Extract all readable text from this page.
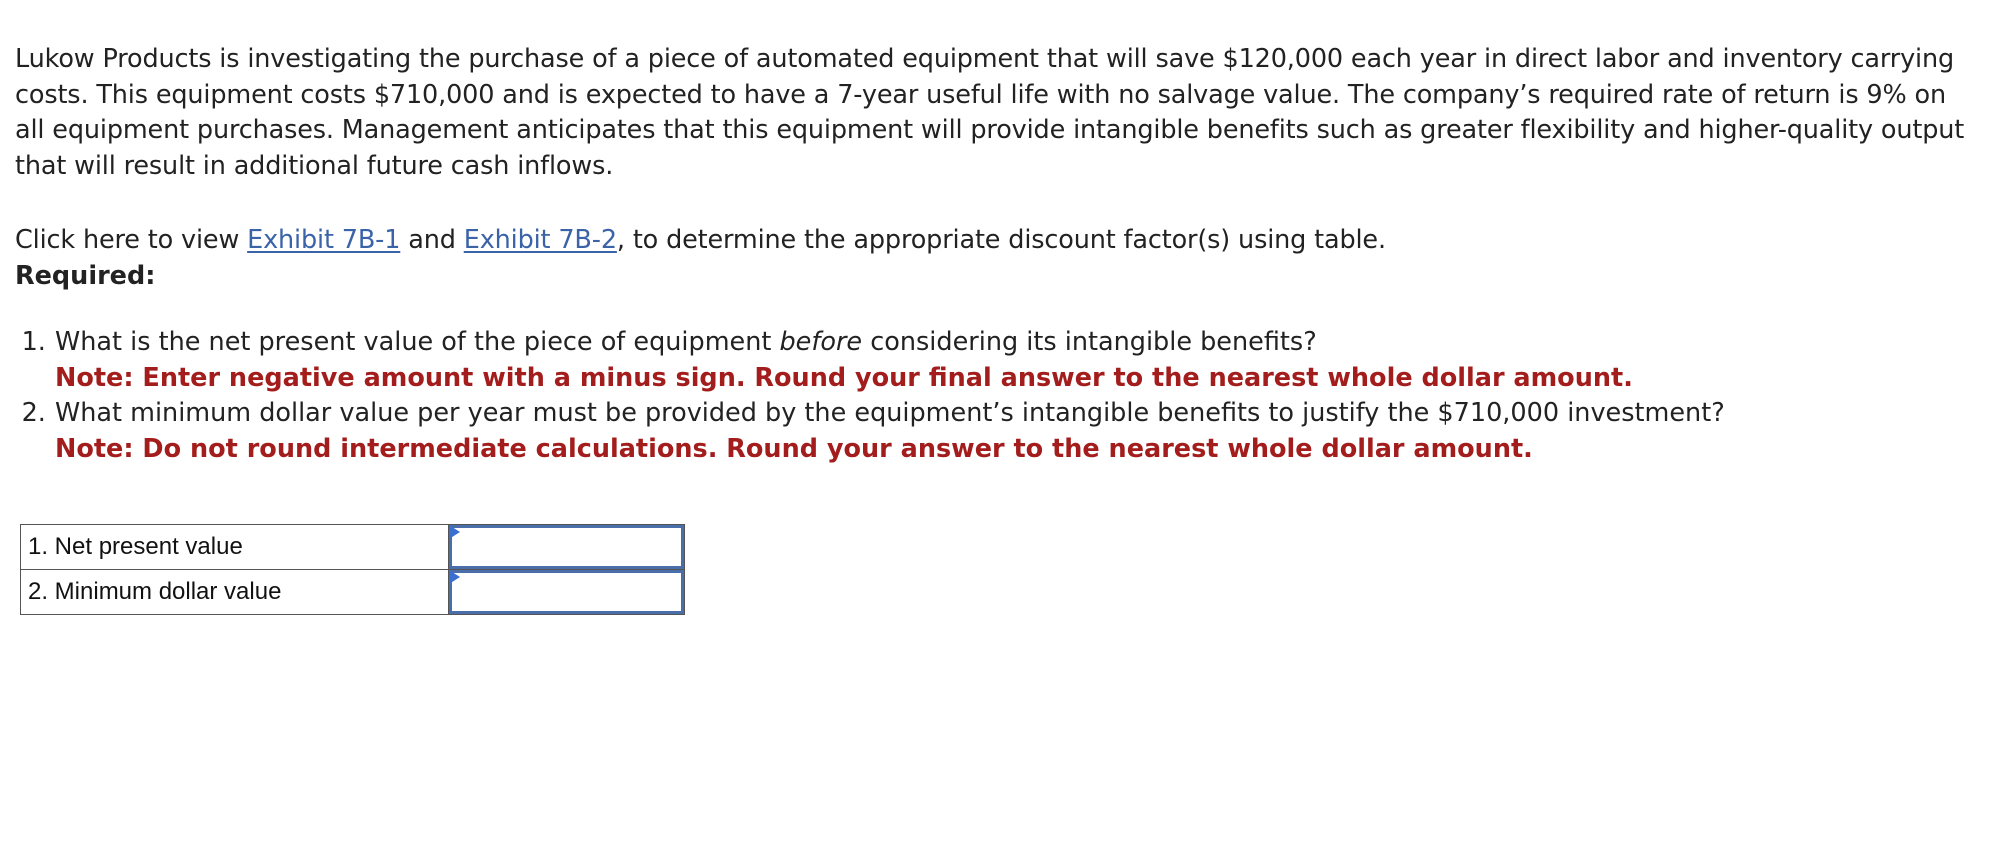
Lukow Products is investigating the purchase of a piece of automated equipment that will save $120,000 each year in direct labor and inventory carrying costs. This equipment costs $710,000 and is expected to have a 7-year useful life with no salvage value. The company’s required rate of return is 9% on all equipment purchases. Management anticipates that this equipment will provide intangible benefits such as greater flexibility and higher-quality output that will result in additional future cash inflows.

Click here to view Exhibit 7B-1 and Exhibit 7B-2, to determine the appropriate discount factor(s) using table.

Required:

1. What is the net present value of the piece of equipment before considering its intangible benefits?
Note: Enter negative amount with a minus sign. Round your final answer to the nearest whole dollar amount.
2. What minimum dollar value per year must be provided by the equipment’s intangible benefits to justify the $710,000 investment?
Note: Do not round intermediate calculations. Round your answer to the nearest whole dollar amount.
1. Net present value	

2. Minimum dollar value	
